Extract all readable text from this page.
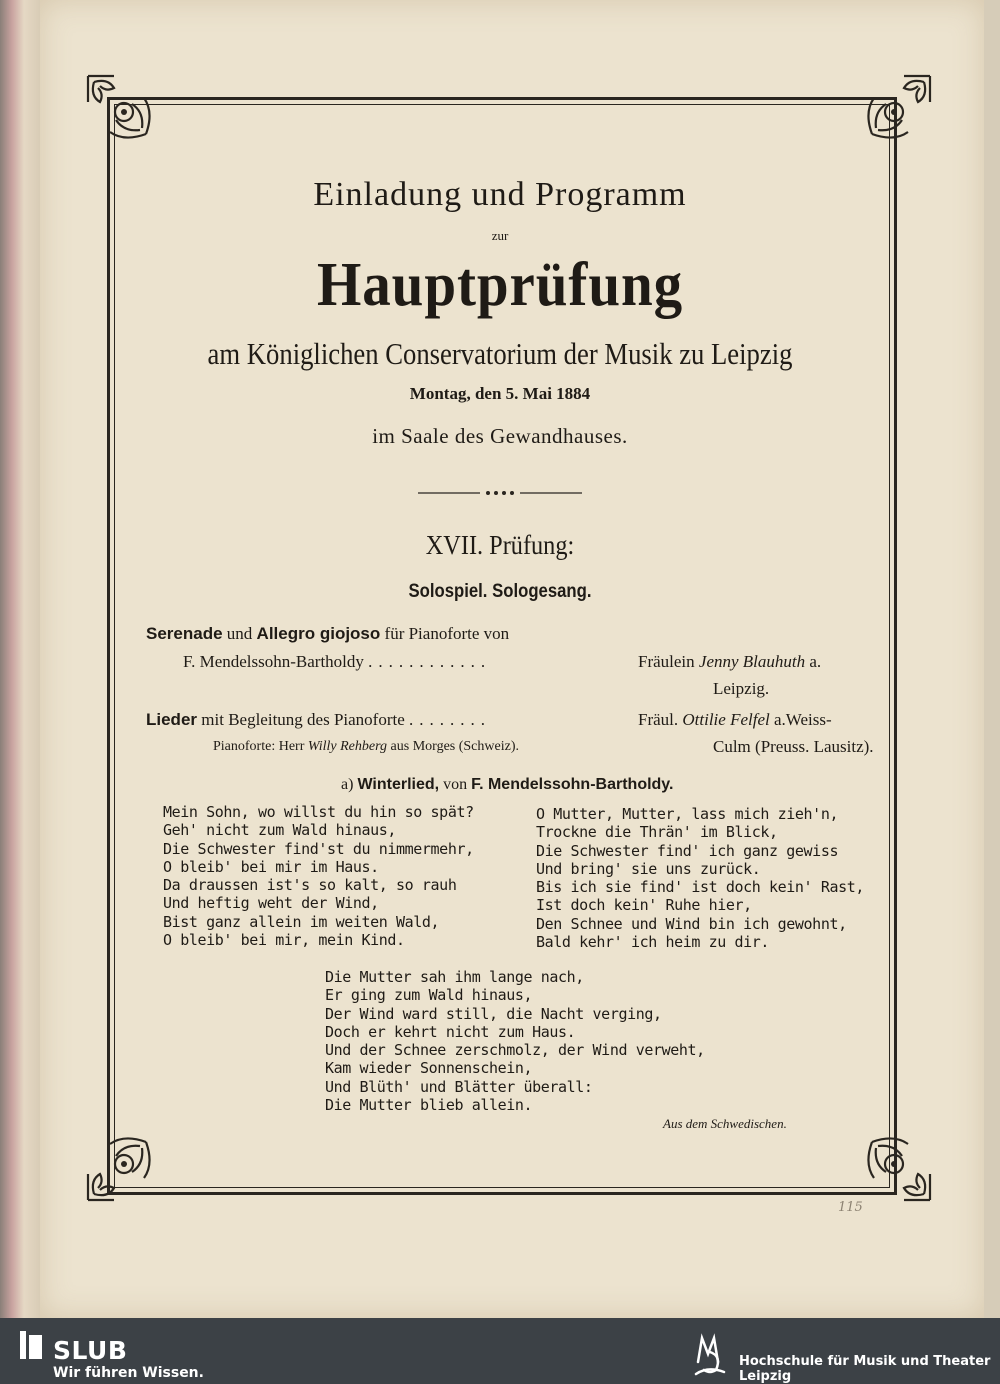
Einladung und Programm
zur
Hauptprüfung
am Königlichen Conservatorium der Musik zu Leipzig
Montag, den 5. Mai 1884
im Saale des Gewandhauses.
XVII. Prüfung:
Solospiel. Sologesang.
Serenade und Allegro giojoso für Pianoforte von
F. Mendelssohn-Bartholdy ............	Fräulein Jenny Blauhuth a.
Leipzig.
Lieder mit Begleitung des Pianoforte ........	Fräul. Ottilie Felfel a.Weiss-
Pianoforte: Herr Willy Rehberg aus Morges (Schweiz).	Culm (Preuss. Lausitz).
a) Winterlied, von F. Mendelssohn-Bartholdy.
Mein Sohn, wo willst du hin so spät?
Geh' nicht zum Wald hinaus,
Die Schwester find'st du nimmermehr,
O bleib' bei mir im Haus.
Da draussen ist's so kalt, so rauh
Und heftig weht der Wind,
Bist ganz allein im weiten Wald,
O bleib' bei mir, mein Kind.
O Mutter, Mutter, lass mich zieh'n,
Trockne die Thrän' im Blick,
Die Schwester find' ich ganz gewiss
Und bring' sie uns zurück.
Bis ich sie find' ist doch kein' Rast,
Ist doch kein' Ruhe hier,
Den Schnee und Wind bin ich gewohnt,
Bald kehr' ich heim zu dir.
Die Mutter sah ihm lange nach,
Er ging zum Wald hinaus,
Der Wind ward still, die Nacht verging,
Doch er kehrt nicht zum Haus.
Und der Schnee zerschmolz, der Wind verweht,
Kam wieder Sonnenschein,
Und Blüth' und Blätter überall:
Die Mutter blieb allein.
Aus dem Schwedischen.
115
SLUB
Wir führen Wissen.
Hochschule für Musik und Theater Leipzig
